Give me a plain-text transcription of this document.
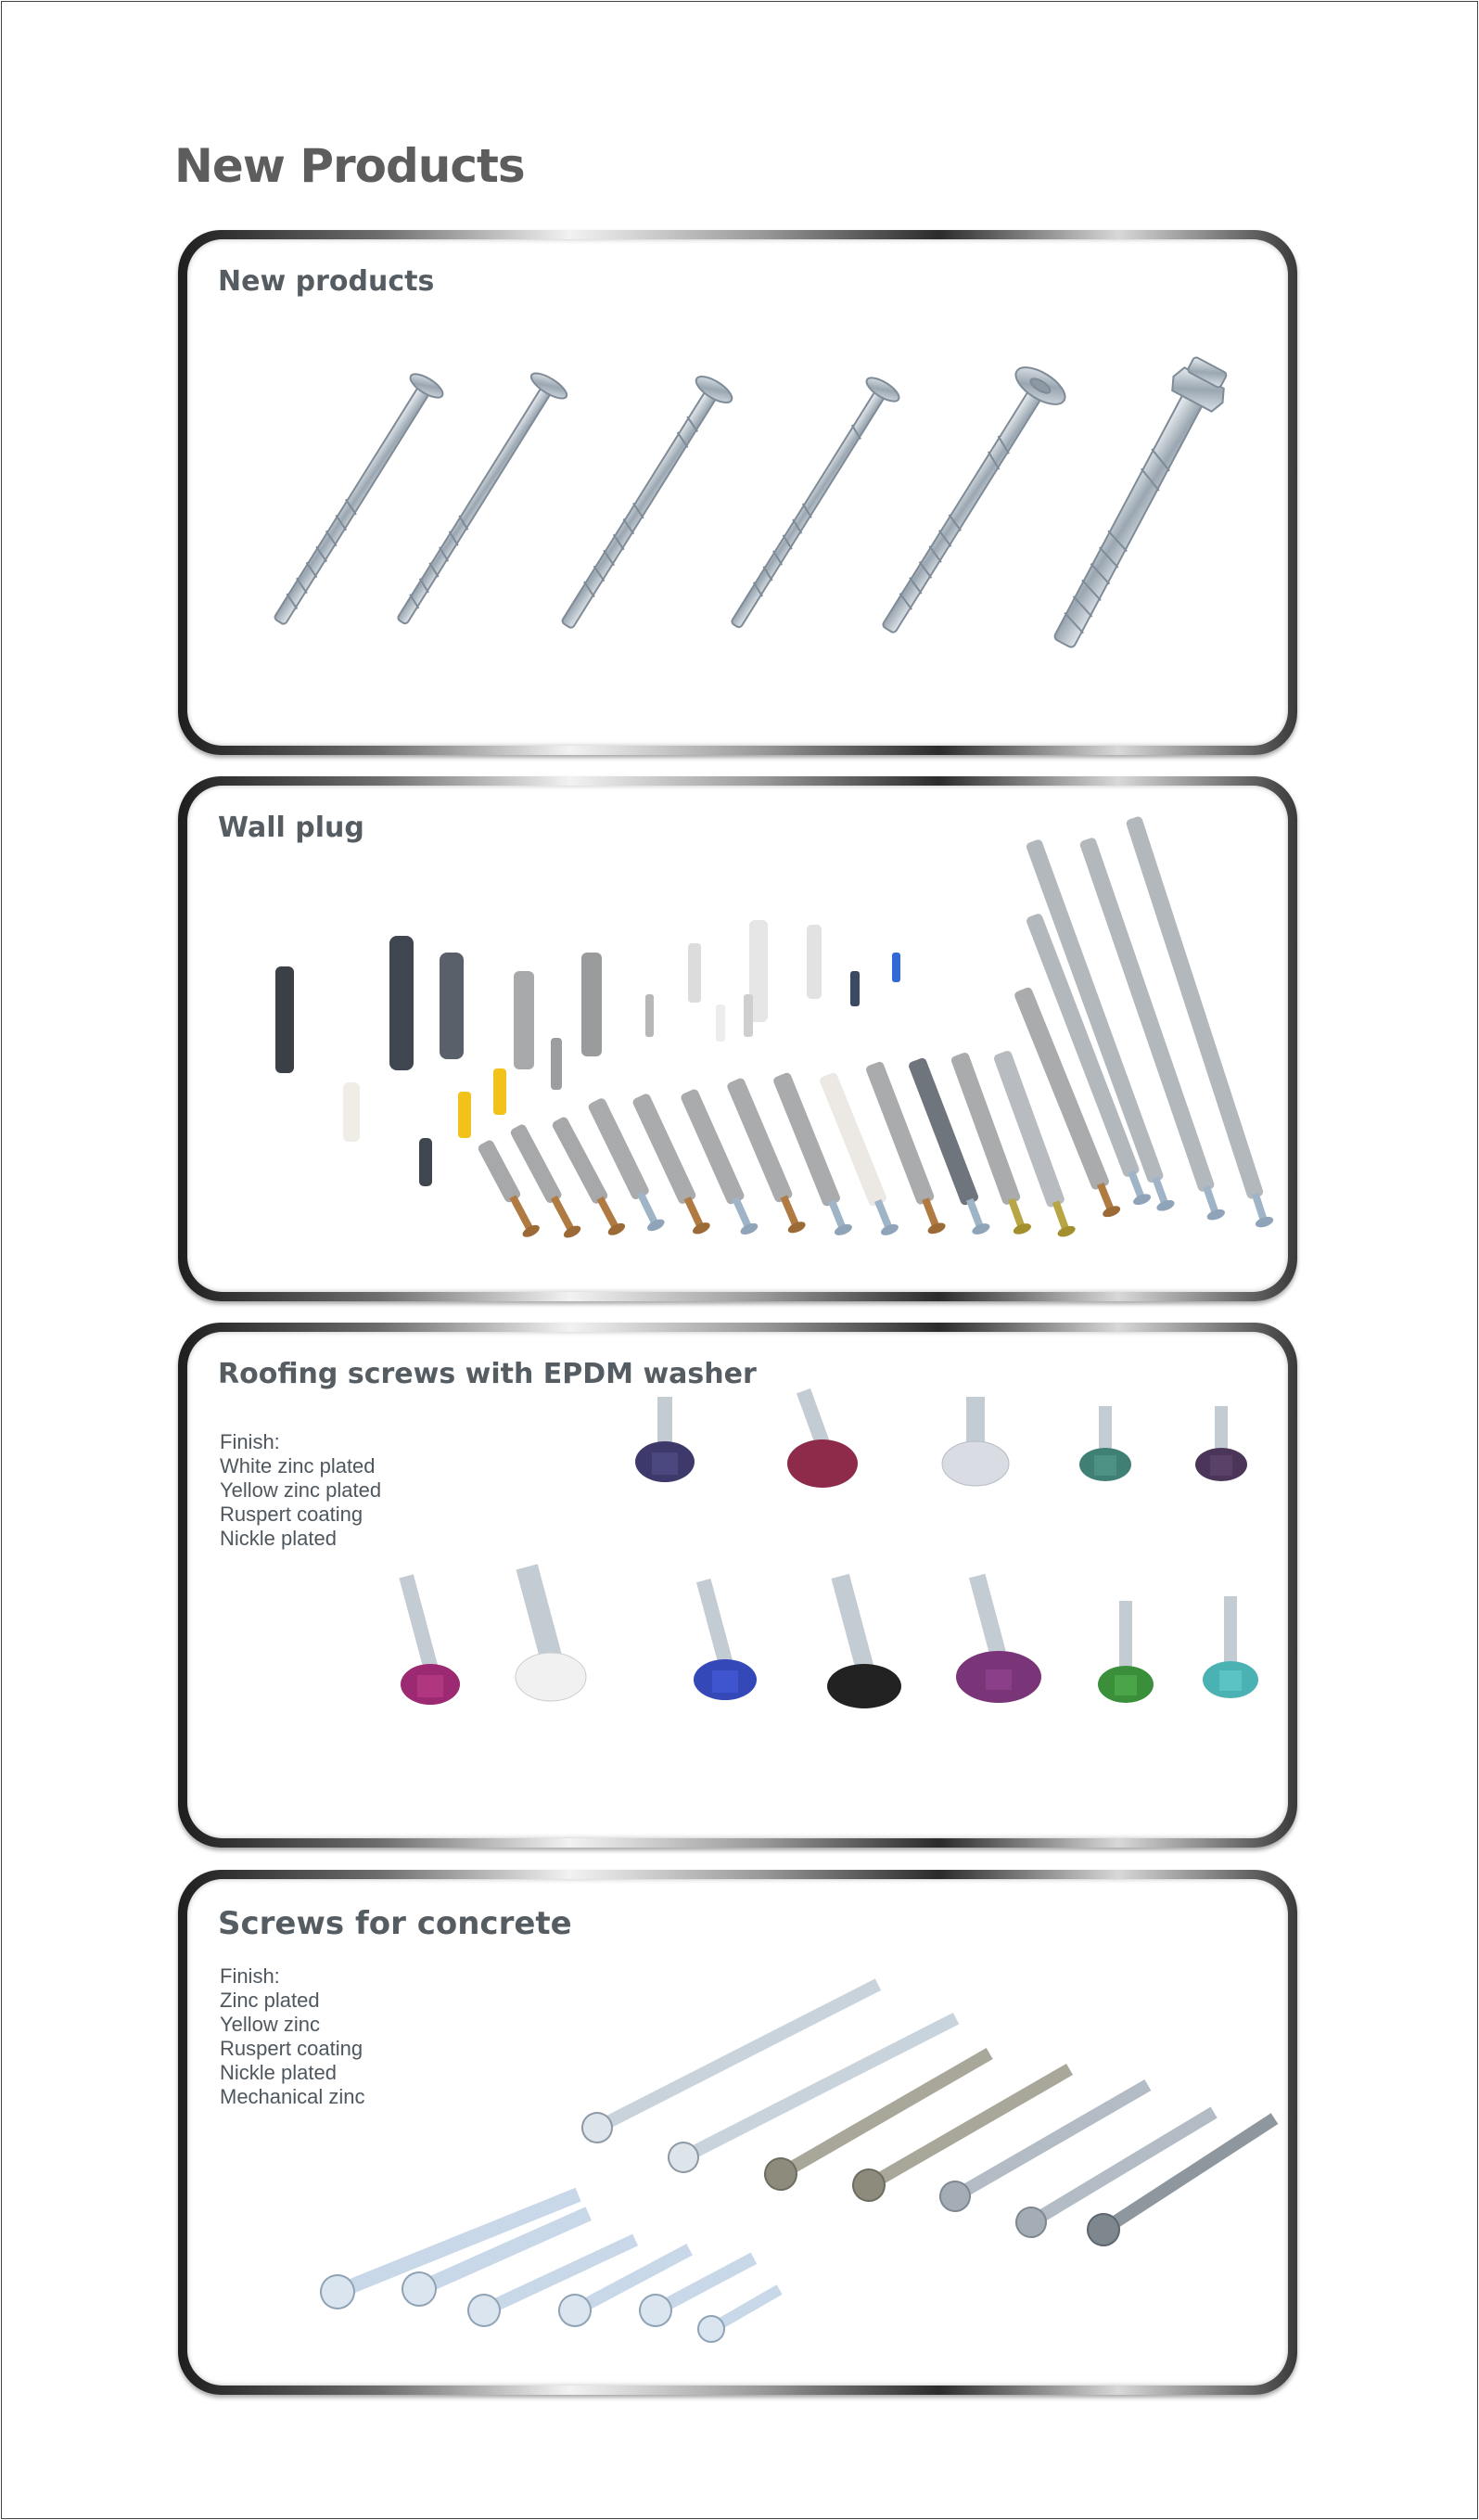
New Products
New products
Wall plug
Roofing screws with EPDM washer
Finish:
White zinc plated
Yellow zinc plated
Ruspert coating
Nickle plated
Screws for concrete
Finish:
Zinc plated
Yellow zinc
Ruspert coating
Nickle plated
Mechanical zinc
